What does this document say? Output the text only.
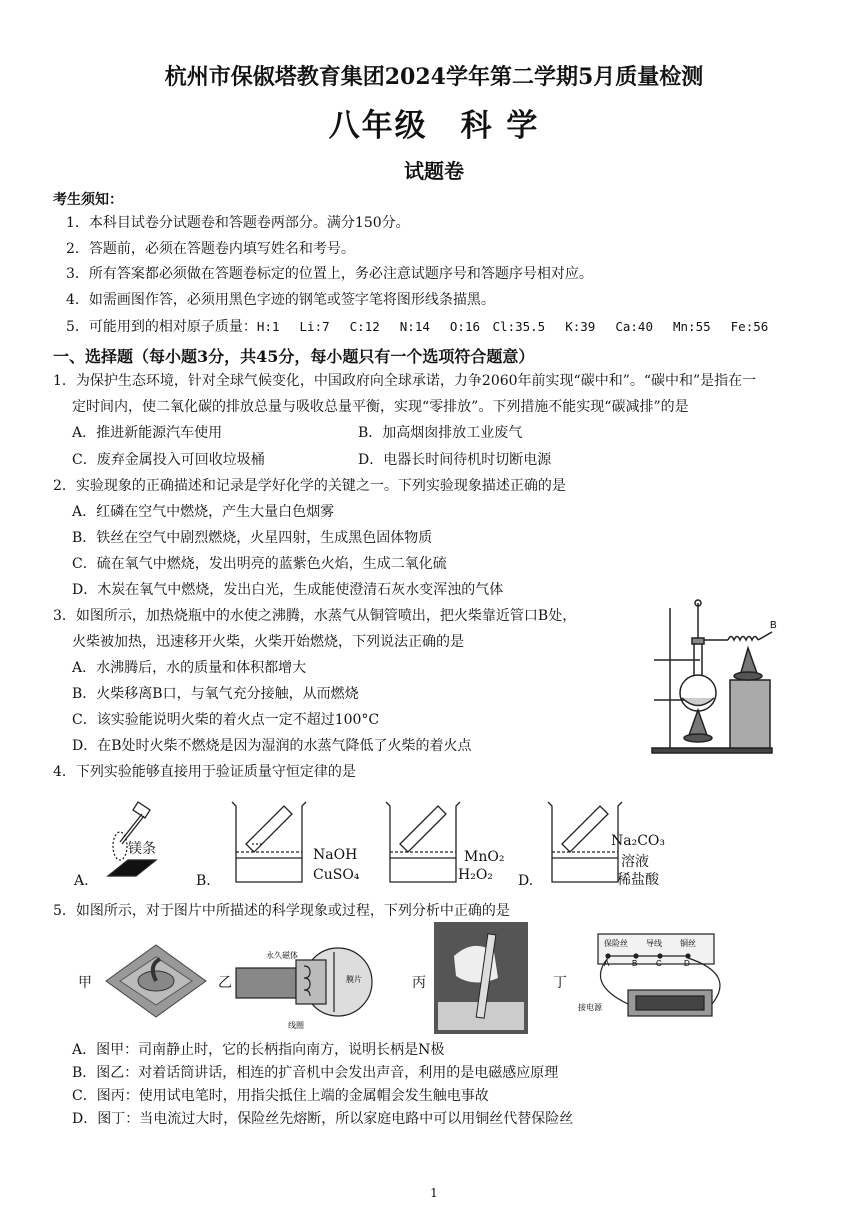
杭州市保俶塔教育集团2024学年第二学期5月质量检测
八年级　科 学
试题卷
考生须知：
1．本科目试卷分试题卷和答题卷两部分。满分150分。
2．答题前，必须在答题卷内填写姓名和考号。
3．所有答案都必须做在答题卷标定的位置上，务必注意试题序号和答题序号相对应。
4．如需画图作答，必须用黑色字迹的钢笔或签字笔将图形线条描黑。
5．可能用到的相对原子质量：H:1　 Li:7　 C:12　 N:14　 O:16　Cl:35.5　 K:39　 Ca:40　 Mn:55　 Fe:56
一、选择题（每小题3分，共45分，每小题只有一个选项符合题意）
1．为保护生态环境，针对全球气候变化，中国政府向全球承诺，力争2060年前实现“碳中和”。“碳中和”是指在一
定时间内，使二氧化碳的排放总量与吸收总量平衡，实现“零排放”。下列措施不能实现“碳减排”的是
A．推进新能源汽车使用	B．加高烟囱排放工业废气
C．废弃金属投入可回收垃圾桶	D．电器长时间待机时切断电源
2．实验现象的正确描述和记录是学好化学的关键之一。下列实验现象描述正确的是
A．红磷在空气中燃烧，产生大量白色烟雾
B．铁丝在空气中剧烈燃烧，火星四射，生成黑色固体物质
C．硫在氧气中燃烧，发出明亮的蓝紫色火焰，生成二氧化硫
D．木炭在氧气中燃烧，发出白光，生成能使澄清石灰水变浑浊的气体
3．如图所示，加热烧瓶中的水使之沸腾，水蒸气从铜管喷出，把火柴靠近管口B处，
火柴被加热，迅速移开火柴，火柴开始燃烧，下列说法正确的是
A．水沸腾后，水的质量和体积都增大
B．火柴移离B口，与氧气充分接触，从而燃烧
C．该实验能说明火柴的着火点一定不超过100°C
D．在B处时火柴不燃烧是因为湿润的水蒸气降低了火柴的着火点
B
4．下列实验能够直接用于验证质量守恒定律的是
镁条
A.	B.
NaOH
CuSO₄
MnO₂
H₂O₂ D.
Na₂CO₃
溶液
稀盐酸
5．如图所示，对于图片中所描述的科学现象或过程，下列分析中正确的是
甲	乙
永久磁体
膜片
线圈
丙	丁
保险丝 导线 铜丝
接电源
A	B C	D
A．图甲：司南静止时，它的长柄指向南方，说明长柄是N极
B．图乙：对着话筒讲话，相连的扩音机中会发出声音，利用的是电磁感应原理
C．图丙：使用试电笔时，用指尖抵住上端的金属帽会发生触电事故
D．图丁：当电流过大时，保险丝先熔断，所以家庭电路中可以用铜丝代替保险丝
1
